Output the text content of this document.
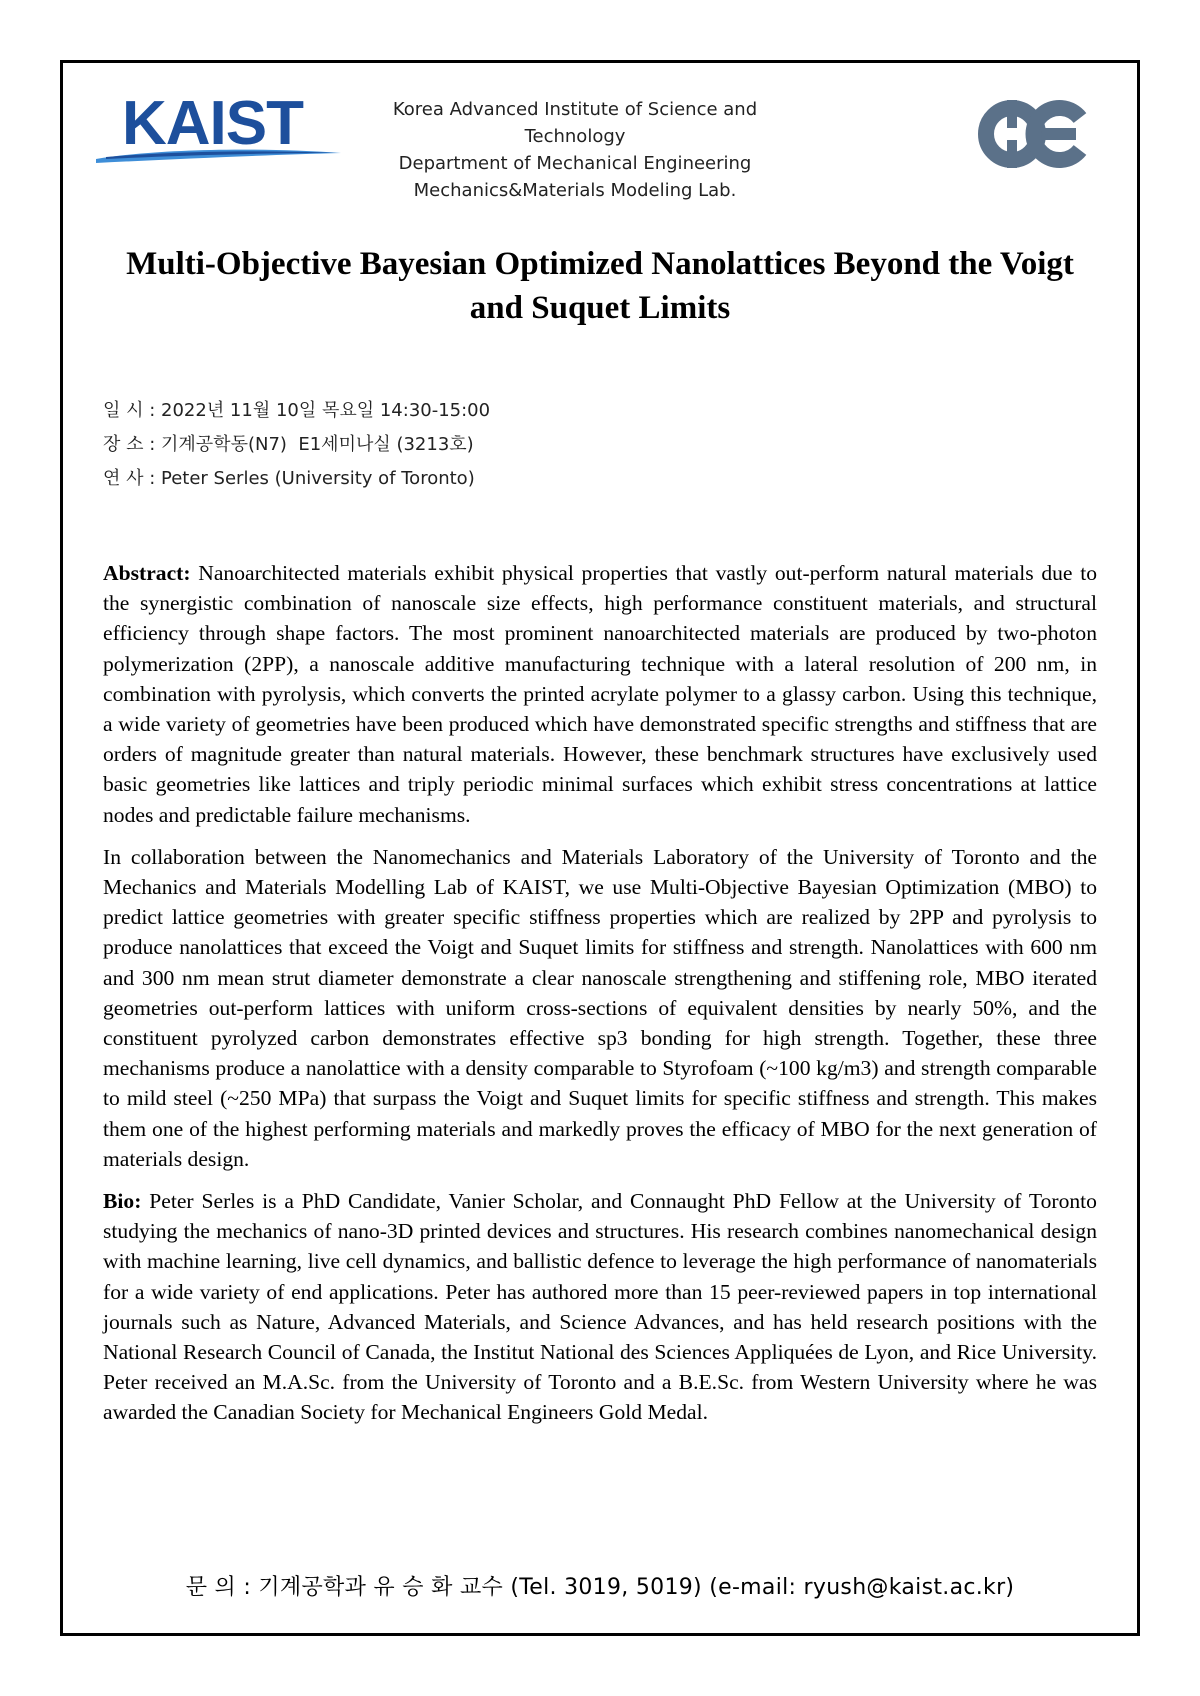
KAIST	Korea Advanced Institute of Science and Technology
Department of Mechanical Engineering
Mechanics&Materials Modeling Lab.
Multi-Objective Bayesian Optimized Nanolattices Beyond the Voigt and Suquet Limits
일 시 : 2022년 11월 10일 목요일 14:30-15:00
장 소 : 기계공학동(N7)  E1세미나실 (3213호)
연 사 : Peter Serles (University of Toronto)

Abstract: Nanoarchitected materials exhibit physical properties that vastly out-perform natural materials due to the synergistic combination of nanoscale size effects, high performance constituent materials, and structural efficiency through shape factors. The most prominent nanoarchitected materials are produced by two-photon polymerization (2PP), a nanoscale additive manufacturing technique with a lateral resolution of 200 nm, in combination with pyrolysis, which converts the printed acrylate polymer to a glassy carbon. Using this technique, a wide variety of geometries have been produced which have demonstrated specific strengths and stiffness that are orders of magnitude greater than natural materials. However, these benchmark structures have exclusively used basic geometries like lattices and triply periodic minimal surfaces which exhibit stress concentrations at lattice nodes and predictable failure mechanisms.

In collaboration between the Nanomechanics and Materials Laboratory of the University of Toronto and the Mechanics and Materials Modelling Lab of KAIST, we use Multi-Objective Bayesian Optimization (MBO) to predict lattice geometries with greater specific stiffness properties which are realized by 2PP and pyrolysis to produce nanolattices that exceed the Voigt and Suquet limits for stiffness and strength. Nanolattices with 600 nm and 300 nm mean strut diameter demonstrate a clear nanoscale strengthening and stiffening role, MBO iterated geometries out-perform lattices with uniform cross-sections of equivalent densities by nearly 50%, and the constituent pyrolyzed carbon demonstrates effective sp3 bonding for high strength. Together, these three mechanisms produce a nanolattice with a density comparable to Styrofoam (~100 kg/m3) and strength comparable to mild steel (~250 MPa) that surpass the Voigt and Suquet limits for specific stiffness and strength. This makes them one of the highest performing materials and markedly proves the efficacy of MBO for the next generation of materials design.

Bio: Peter Serles is a PhD Candidate, Vanier Scholar, and Connaught PhD Fellow at the University of Toronto studying the mechanics of nano-3D printed devices and structures. His research combines nanomechanical design with machine learning, live cell dynamics, and ballistic defence to leverage the high performance of nanomaterials for a wide variety of end applications. Peter has authored more than 15 peer-reviewed papers in top international journals such as Nature, Advanced Materials, and Science Advances, and has held research positions with the National Research Council of Canada, the Institut National des Sciences Appliquées de Lyon, and Rice University. Peter received an M.A.Sc. from the University of Toronto and a B.E.Sc. from Western University where he was awarded the Canadian Society for Mechanical Engineers Gold Medal.

문 의 : 기계공학과 유 승 화 교수 (Tel. 3019, 5019) (e-mail: ryush@kaist.ac.kr)
